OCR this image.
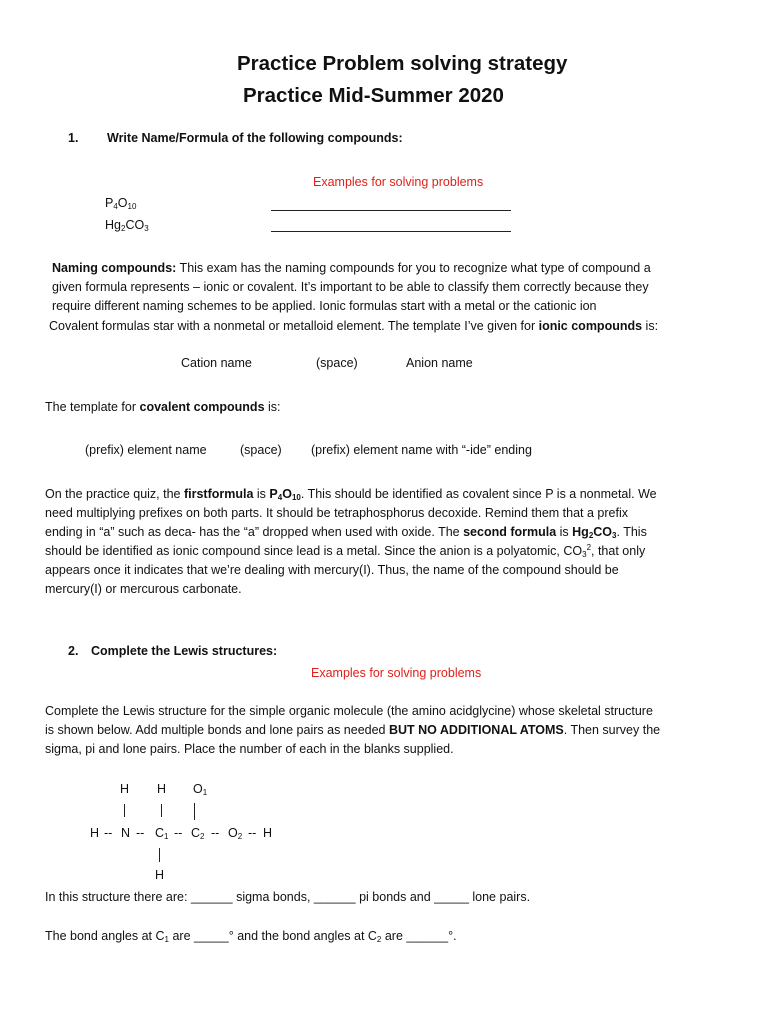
Practice Problem solving strategy
Practice Mid-Summer 2020
1. Write Name/Formula of the following compounds:
Examples for solving problems
$P_4O_{10}$
$Hg_2CO_3$
Naming compounds: This exam has the naming compounds for you to recognize what type of compound a
given formula represents – ionic or covalent. It’s important to be able to classify them correctly because they
require different naming schemes to be applied. Ionic formulas start with a metal or the cationic ion
Covalent formulas star with a nonmetal or metalloid element. The template I’ve given for ionic compounds is:
Cation name	(space)	Anion name
The template for covalent compounds is:
(prefix) element name	(space) (prefix) element name with “-ide” ending
On the practice quiz, the firstformula is $P_4O_{10}$. This should be identified as covalent since P is a nonmetal. We
need multiplying prefixes on both parts. It should be tetraphosphorus decoxide. Remind them that a prefix
ending in “a” such as deca- has the “a” dropped when used with oxide. The second formula is $Hg_2CO_3$. This
should be identified as ionic compound since lead is a metal. Since the anion is a polyatomic, $CO_3^2$, that only
appears once it indicates that we’re dealing with mercury(I). Thus, the name of the compound should be
mercury(I) or mercurous carbonate.
2. Complete the Lewis structures:
Examples for solving problems
Complete the Lewis structure for the simple organic molecule (the amino acidglycine) whose skeletal structure
is shown below. Add multiple bonds and lone pairs as needed BUT NO ADDITIONAL ATOMS. Then survey the
sigma, pi and lone pairs. Place the number of each in the blanks supplied.
H H $O_1$
H -- N -- $C_1 -- C_2 -- O_2$ -- H
H
In this structure there are: ______ sigma bonds, ______ pi bonds and _____ lone pairs.
The bond angles at $C_1$ are _____° and the bond angles at $C_2$ are ______°.
